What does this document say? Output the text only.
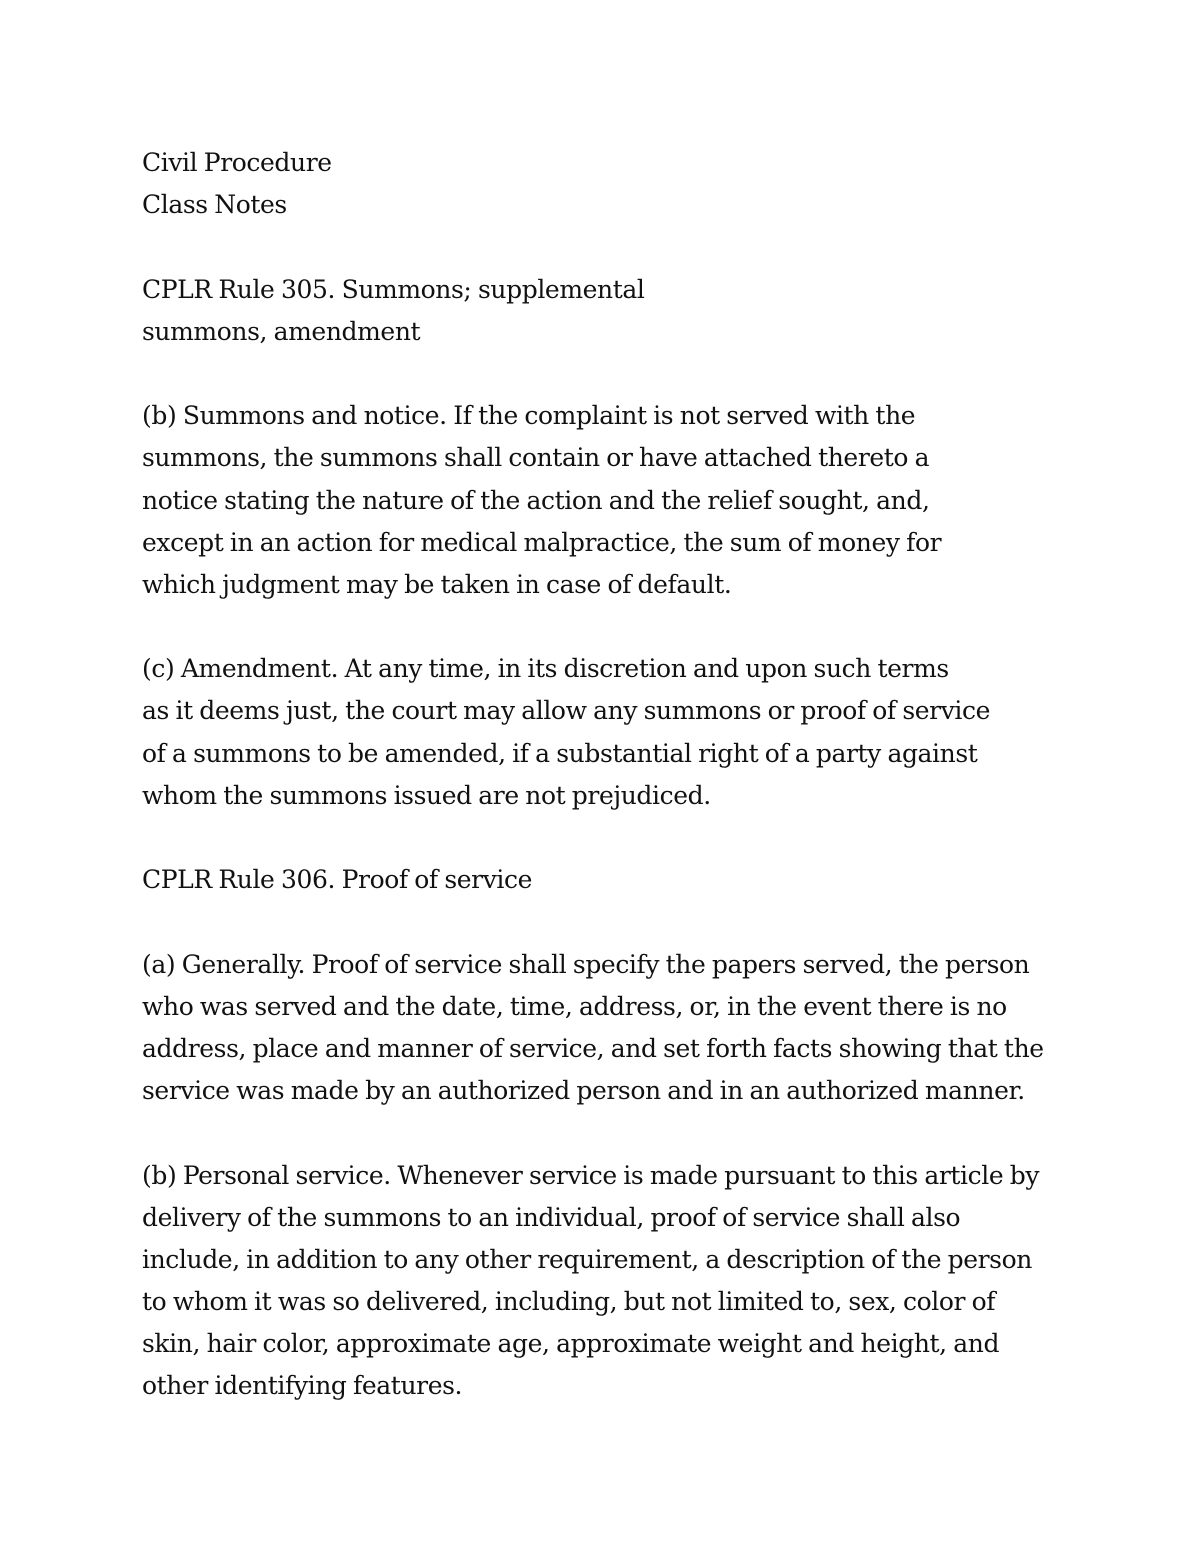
Civil Procedure
Class Notes
CPLR Rule 305. Summons; supplemental
summons, amendment
(b) Summons and notice. If the complaint is not served with the
summons, the summons shall contain or have attached thereto a
notice stating the nature of the action and the relief sought, and,
except in an action for medical malpractice, the sum of money for
which judgment may be taken in case of default.
(c) Amendment. At any time, in its discretion and upon such terms
as it deems just, the court may allow any summons or proof of service
of a summons to be amended, if a substantial right of a party against
whom the summons issued are not prejudiced.
CPLR Rule 306. Proof of service
(a) Generally. Proof of service shall specify the papers served, the person
who was served and the date, time, address, or, in the event there is no
address, place and manner of service, and set forth facts showing that the
service was made by an authorized person and in an authorized manner.
(b) Personal service. Whenever service is made pursuant to this article by
delivery of the summons to an individual, proof of service shall also
include, in addition to any other requirement, a description of the person
to whom it was so delivered, including, but not limited to, sex, color of
skin, hair color, approximate age, approximate weight and height, and
other identifying features.
